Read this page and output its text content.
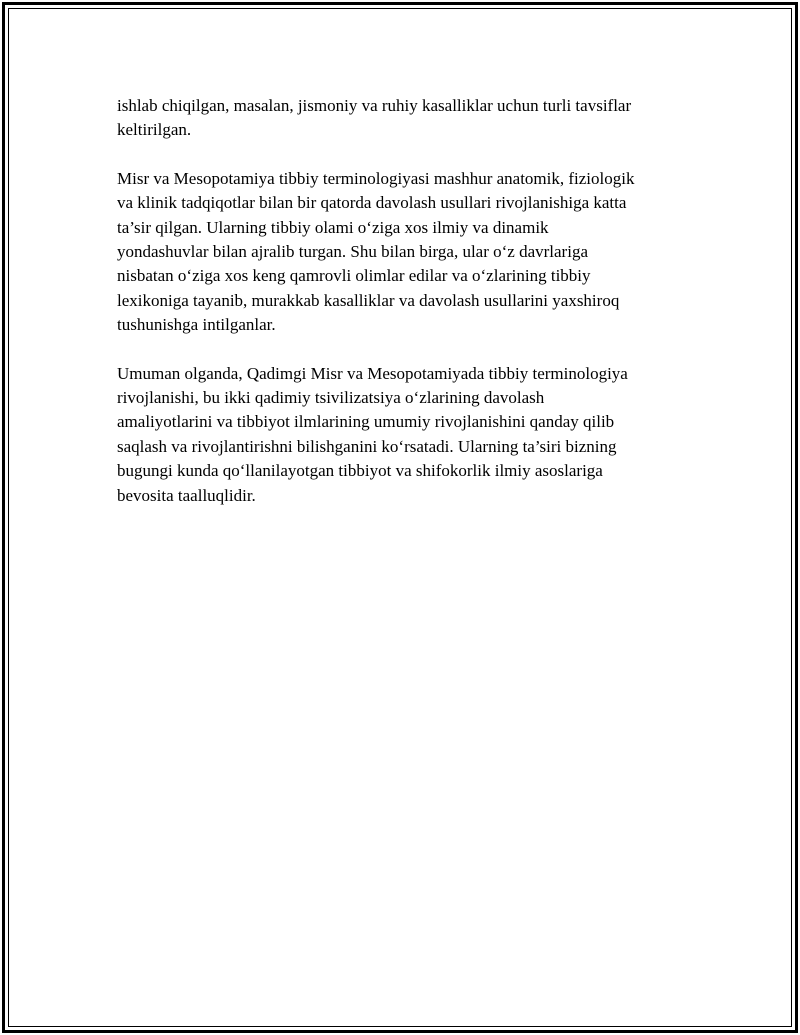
ishlab chiqilgan, masalan, jismoniy va ruhiy kasalliklar uchun turli tavsiflar
keltirilgan.

Misr va Mesopotamiya tibbiy terminologiyasi mashhur anatomik, fiziologik
va klinik tadqiqotlar bilan bir qatorda davolash usullari rivojlanishiga katta
ta’sir qilgan. Ularning tibbiy olami o‘ziga xos ilmiy va dinamik
yondashuvlar bilan ajralib turgan. Shu bilan birga, ular o‘z davrlariga
nisbatan o‘ziga xos keng qamrovli olimlar edilar va o‘zlarining tibbiy
lexikoniga tayanib, murakkab kasalliklar va davolash usullarini yaxshiroq
tushunishga intilganlar.

Umuman olganda, Qadimgi Misr va Mesopotamiyada tibbiy terminologiya
rivojlanishi, bu ikki qadimiy tsivilizatsiya o‘zlarining davolash
amaliyotlarini va tibbiyot ilmlarining umumiy rivojlanishini qanday qilib
saqlash va rivojlantirishni bilishganini ko‘rsatadi. Ularning ta’siri bizning
bugungi kunda qo‘llanilayotgan tibbiyot va shifokorlik ilmiy asoslariga
bevosita taalluqlidir.
